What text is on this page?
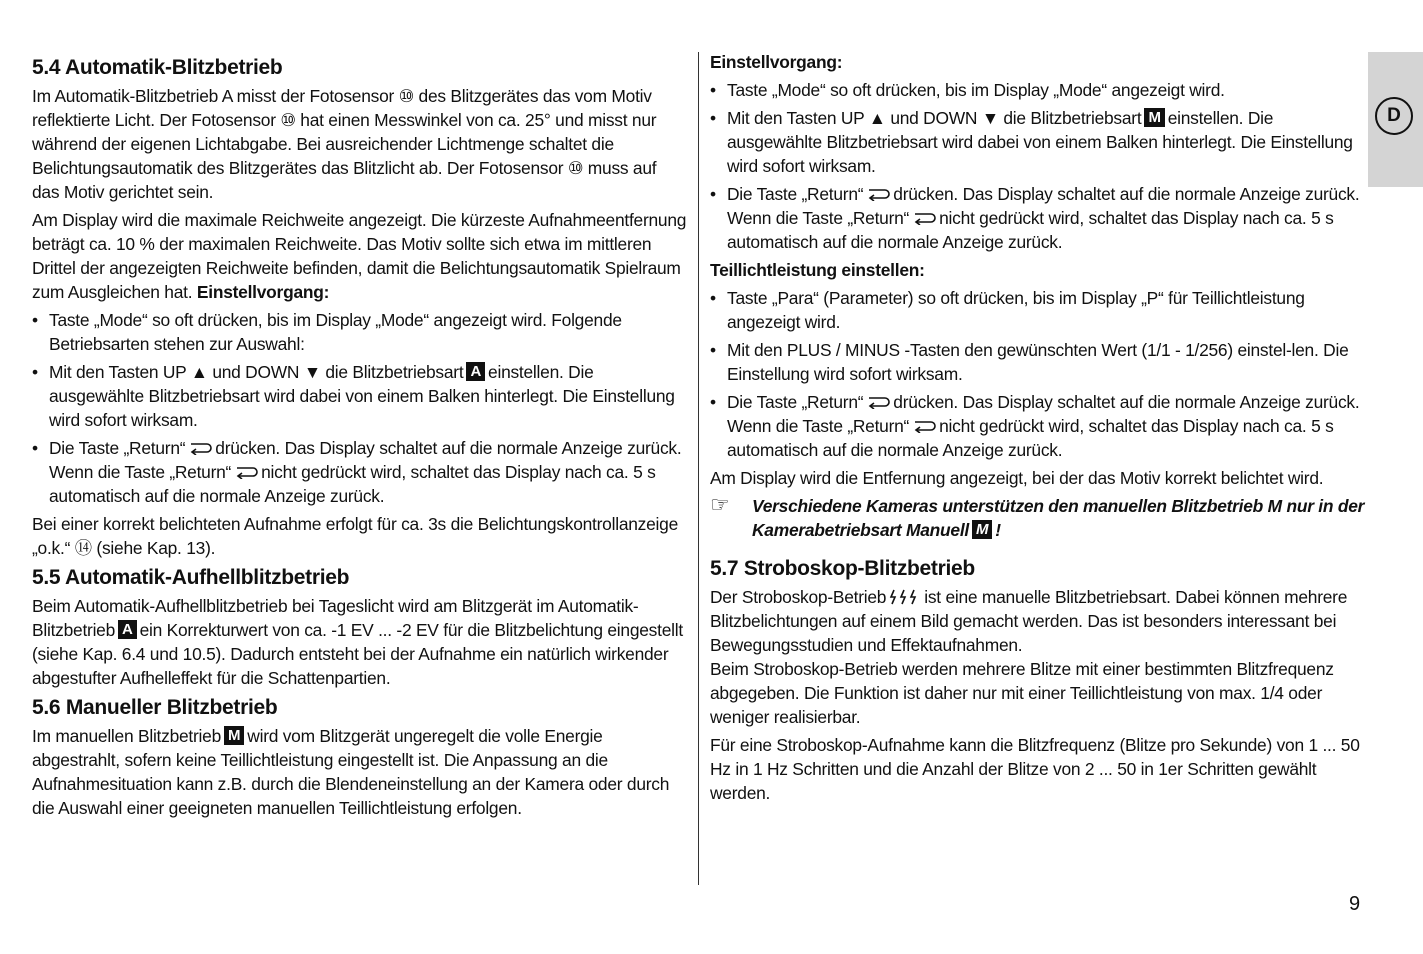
5.4 Automatik-Blitzbetrieb

Im Automatik-Blitzbetrieb A misst der Fotosensor ⑩ des Blitzgerätes das vom Motiv reflektierte Licht. Der Fotosensor ⑩ hat einen Messwinkel von ca. 25° und misst nur während der eigenen Lichtabgabe. Bei ausreichender Lichtmenge schaltet die Belichtungsautomatik des Blitzgerätes das Blitzlicht ab. Der Fotosensor ⑩ muss auf das Motiv gerichtet sein.

Am Display wird die maximale Reichweite angezeigt. Die kürzeste Aufnahmeentfernung beträgt ca. 10 % der maximalen Reichweite. Das Motiv sollte sich etwa im mittleren Drittel der angezeigten Reichweite befinden, damit die Belichtungsautomatik Spielraum zum Ausgleichen hat. Einstellvorgang:

• Taste „Mode“ so oft drücken, bis im Display „Mode“ angezeigt wird. Folgende Betriebsarten stehen zur Auswahl:
• Mit den Tasten UP ▲ und DOWN ▼ die Blitzbetriebsart A einstellen. Die ausgewählte Blitzbetriebsart wird dabei von einem Balken hinterlegt. Die Einstellung wird sofort wirksam.
• Die Taste „Return“ drücken. Das Display schaltet auf die normale Anzeige zurück. Wenn die Taste „Return“ nicht gedrückt wird, schaltet das Display nach ca. 5 s automatisch auf die normale Anzeige zurück.

Bei einer korrekt belichteten Aufnahme erfolgt für ca. 3s die Belichtungskontrollanzeige „o.k.“ ⑭ (siehe Kap. 13).

5.5 Automatik-Aufhellblitzbetrieb

Beim Automatik-Aufhellblitzbetrieb bei Tageslicht wird am Blitzgerät im Automatik-Blitzbetrieb A ein Korrekturwert von ca. -1 EV ... -2 EV für die Blitzbelichtung eingestellt (siehe Kap. 6.4 und 10.5). Dadurch entsteht bei der Aufnahme ein natürlich wirkender abgestufter Aufhelleffekt für die Schattenpartien.

5.6 Manueller Blitzbetrieb

Im manuellen Blitzbetrieb M wird vom Blitzgerät ungeregelt die volle Energie abgestrahlt, sofern keine Teillichtleistung eingestellt ist. Die Anpassung an die Aufnahmesituation kann z.B. durch die Blendeneinstellung an der Kamera oder durch die Auswahl einer geeigneten manuellen Teillichtleistung erfolgen.

Einstellvorgang:
• Taste „Mode“ so oft drücken, bis im Display „Mode“ angezeigt wird.
• Mit den Tasten UP ▲ und DOWN ▼ die Blitzbetriebsart M einstellen. Die ausgewählte Blitzbetriebsart wird dabei von einem Balken hinterlegt. Die Einstellung wird sofort wirksam.
• Die Taste „Return“ drücken. Das Display schaltet auf die normale Anzeige zurück. Wenn die Taste „Return“ nicht gedrückt wird, schaltet das Display nach ca. 5 s automatisch auf die normale Anzeige zurück.
Teillichtleistung einstellen:
• Taste „Para“ (Parameter) so oft drücken, bis im Display „P“ für Teillichtleistung angezeigt wird.
• Mit den PLUS / MINUS -Tasten den gewünschten Wert (1/1 - 1/256) einstel-len. Die Einstellung wird sofort wirksam.
• Die Taste „Return“ drücken. Das Display schaltet auf die normale Anzeige zurück. Wenn die Taste „Return“ nicht gedrückt wird, schaltet das Display nach ca. 5 s automatisch auf die normale Anzeige zurück.

Am Display wird die Entfernung angezeigt, bei der das Motiv korrekt belichtet wird.

☞ Verschiedene Kameras unterstützen den manuellen Blitzbetrieb M nur in der Kamerabetriebsart Manuell M !
5.7 Stroboskop-Blitzbetrieb

Der Stroboskop-Betrieb ist eine manuelle Blitzbetriebsart. Dabei können mehrere Blitzbelichtungen auf einem Bild gemacht werden. Das ist besonders interessant bei Bewegungsstudien und Effektaufnahmen.

Beim Stroboskop-Betrieb werden mehrere Blitze mit einer bestimmten Blitzfrequenz abgegeben. Die Funktion ist daher nur mit einer Teillichtleistung von max. 1/4 oder weniger realisierbar.

Für eine Stroboskop-Aufnahme kann die Blitzfrequenz (Blitze pro Sekunde) von 1 ... 50 Hz in 1 Hz Schritten und die Anzahl der Blitze von 2 ... 50 in 1er Schritten gewählt werden.

D
9
